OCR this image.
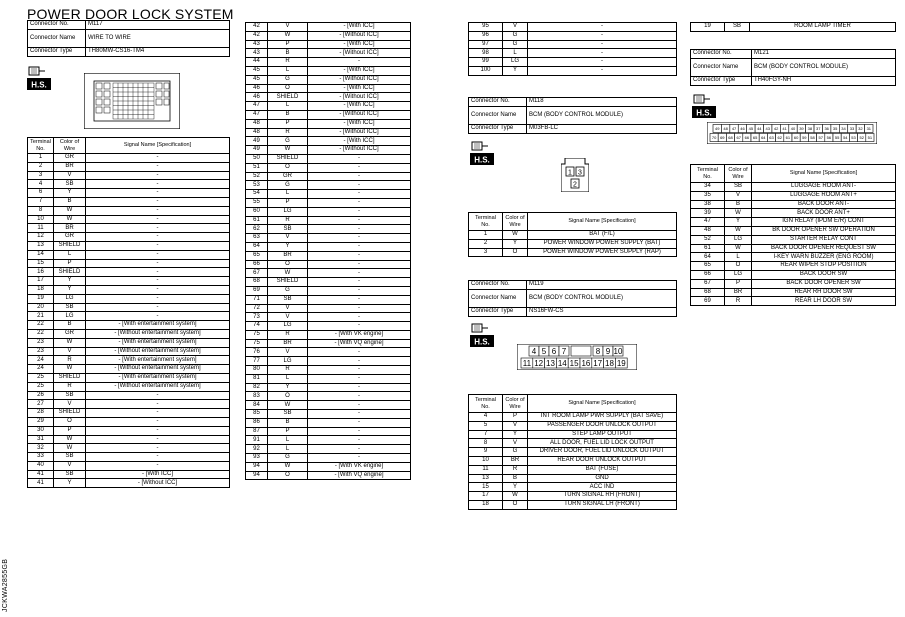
POWER DOOR LOCK SYSTEM
JCKWA2855GB
Connector No.	M117
Connector Name	WIRE TO WIRE
Connector Type	TH80MW-CS16-TM4
H.S.
Terminal No.	Color of Wire	Signal Name [Specification]
1	GR	-
2	BR	-
3	V	-
4	SB	-
6	Y	-
7	B	-
8	W	-
10	W	-
11	BR	-
12	GR	-
13	SHIELD	-
14	L	-
15	P	-
16	SHIELD	-
17	Y	-
18	Y	-
19	LG	-
20	SB	-
21	LG	-
22	B	- [With entertainment system]
22	GR	- [Without entertainment system]
23	W	- [With entertainment system]
23	V	- [Without entertainment system]
24	R	- [With entertainment system]
24	W	- [Without entertainment system]
25	SHIELD	- [With entertainment system]
25	R	- [Without entertainment system]
26	SB	-
27	V	-
28	SHIELD	-
29	O	-
30	P	-
31	W	-
32	W	-
33	SB	-
40	V	-
41	SB	- [With ICC]
41	Y	- [Without ICC]
42	V	- [With ICC]
42	W	- [Without ICC]
43	P	- [With ICC]
43	B	- [Without ICC]
44	R	-
45	L	- [With ICC]
45	G	- [Without ICC]
46	O	- [With ICC]
46	SHIELD	- [Without ICC]
47	L	- [With ICC]
47	B	- [Without ICC]
48	P	- [With ICC]
48	R	- [Without ICC]
49	G	- [With ICC]
49	W	- [Without ICC]
50	SHIELD	-
51	O	-
52	GR	-
53	G	-
54	L	-
55	P	-
60	LG	-
61	R	-
62	SB	-
63	V	-
64	Y	-
65	BR	-
66	O	-
67	W	-
68	SHIELD	-
69	G	-
71	SB	-
72	V	-
73	V	-
74	LG	-
75	R	- [With VK engine]
75	BR	- [With VQ engine]
76	V	-
77	LG	-
80	R	-
81	L	-
82	Y	-
83	O	-
84	W	-
85	SB	-
86	B	-
87	P	-
91	L	-
92	L	-
93	G	-
94	W	- [With VK engine]
94	O	- [With VQ engine]
95	V	-
96	G	-
97	G	-
98	L	-
99	LG	-
100	Y	-
Connector No.	M118
Connector Name	BCM (BODY CONTROL MODULE)
Connector Type	M03FB-LC
H.S.
1 3
2
Terminal No.	Color of Wire	Signal Name [Specification]
1	W	BAT (F/L)
2	Y	POWER WINDOW POWER SUPPLY (BAT)
3	O	POWER WINDOW POWER SUPPLY (RAP)
Connector No.	M119
Connector Name	BCM (BODY CONTROL MODULE)
Connector Type	NS16FW-CS
H.S.
4 5 6 7	8 9 10
11 12 13 14 15 16 17 18 19
Terminal No.	Color of Wire	Signal Name [Specification]
4	P	INT ROOM LAMP PWR SUPPLY (BAT SAVE)
5	V	PASSENGER DOOR UNLOCK OUTPUT
7	Y	STEP LAMP OUTPUT
8	V	ALL DOOR, FUEL LID LOCK OUTPUT
9	G	DRIVER DOOR, FUEL LID UNLOCK OUTPUT
10	BR	REAR DOOR UNLOCK OUTPUT
11	R	BAT (FUSE)
13	B	GND
15	Y	ACC IND
17	W	TURN SIGNAL RH (FRONT)
18	O	TURN SIGNAL LH (FRONT)
19	SB	ROOM LAMP TIMER
Connector No.	M121
Connector Name	BCM (BODY CONTROL MODULE)
Connector Type	TH40FGY-NH
H.S.
49 48 47 46 45 44 43 42 41 40 39 38 37 36 35 34 33 32 31
70 69 68 67 66 65 64 63 62 61 60 59 58 57 56 55 54 53 52 51
Terminal No.	Color of Wire	Signal Name [Specification]
34	SB	LUGGAGE ROOM ANT-
35	V	LUGGAGE ROOM ANT+
38	B	BACK DOOR ANT-
39	W	BACK DOOR ANT+
47	Y	IGN RELAY (IPDM E/R) CONT
48	W	BK DOOR OPENER SW OPERATION
52	LG	STARTER RELAY CONT
61	W	BACK DOOR OPENER REQUEST SW
64	L	I-KEY WARN BUZZER (ENG ROOM)
65	O	REAR WIPER STOP POSITION
66	LG	BACK DOOR SW
67	P	BACK DOOR OPENER SW
68	BR	REAR RH DOOR SW
69	R	REAR LH DOOR SW
